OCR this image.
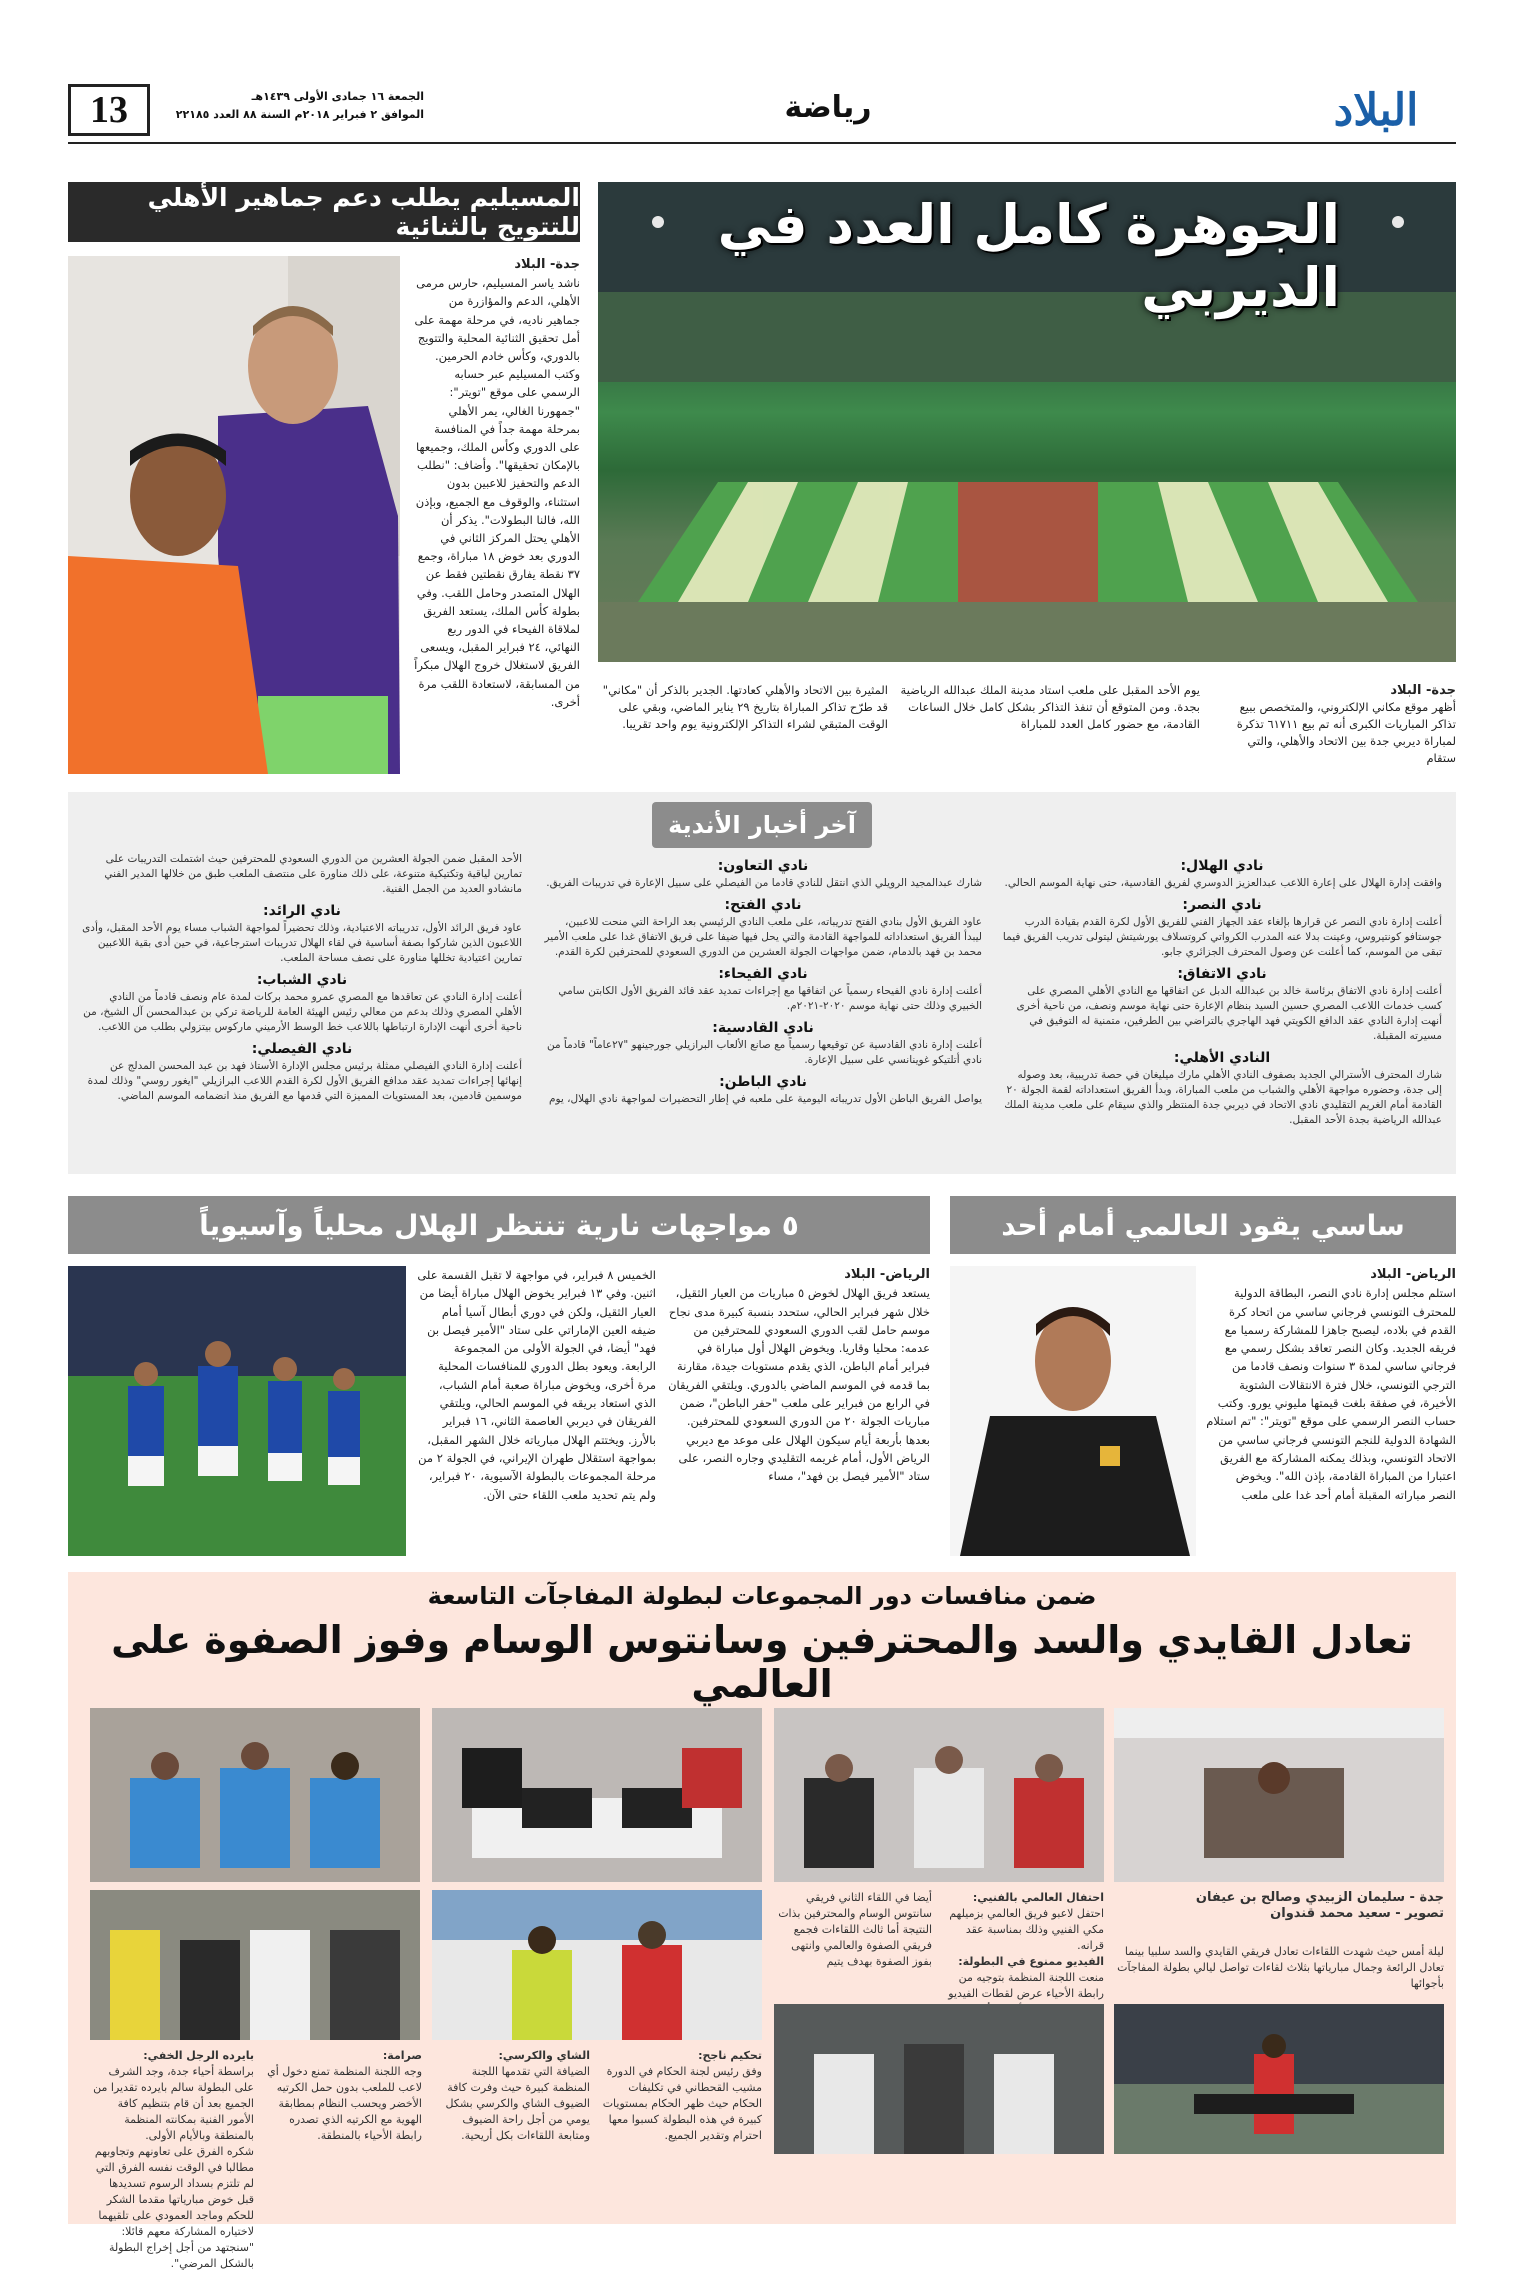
13	الجمعة ١٦ جمادى الأولى ١٤٣٩هـ
الموافق ٢ فبراير ٢٠١٨م السنة ٨٨ العدد ٢٢١٨٥	رياضة	البلاد
الجوهرة كامل العدد في الديربي
جدة- البلاد
أظهر موقع مكاني الإلكتروني، والمتخصص ببيع تذاكر المباريات الكبرى أنه تم بيع ٦١٧١١ تذكرة لمباراة ديربي جدة بين الاتحاد والأهلي، والتي ستقام
يوم الأحد المقبل على ملعب استاد مدينة الملك عبدالله الرياضية بجدة. ومن المتوقع أن تنفذ التذاكر بشكل كامل خلال الساعات القادمة، مع حضور كامل العدد للمباراة
المثيرة بين الاتحاد والأهلي كعادتها. الجدير بالذكر أن "مكاني" قد طرّح تذاكر المباراة بتاريخ ٢٩ يناير الماضي، وبقي على الوقت المتبقي لشراء التذاكر الإلكترونية يوم واحد تقريبا.
المسيليم يطلب دعم جماهير الأهلي للتتويج بالثنائية
جدة- البلاد
ناشد ياسر المسيليم، حارس مرمى الأهلي، الدعم والمؤازرة من جماهير ناديه، في مرحلة مهمة على أمل تحقيق الثنائية المحلية والتتويج بالدوري، وكأس خادم الحرمين. وكتب المسيليم عبر حسابه الرسمي على موقع "تويتر": "جمهورنا الغالي، يمر الأهلي بمرحلة مهمة جداً في المنافسة على الدوري وكأس الملك، وجميعها بالإمكان تحقيقها". وأضاف: "نطلب الدعم والتحفيز للاعبين بدون استثناء، والوقوف مع الجميع، وبإذن الله، فالنا البطولات". يذكر أن الأهلي يحتل المركز الثاني في الدوري بعد خوض ١٨ مباراة، وجمع ٣٧ نقطة يفارق نقطتين فقط عن الهلال المتصدر وحامل اللقب. وفي بطولة كأس الملك، يستعد الفريق لملاقاة الفيحاء في الدور ربع النهائي، ٢٤ فبراير المقبل، ويسعى الفريق لاستغلال خروج الهلال مبكراً من المسابقة، لاستعادة اللقب مرة أخرى.
آخر أخبار الأندية
نادي الهلال:

وافقت إدارة الهلال على إعارة اللاعب عبدالعزيز الدوسري لفريق القادسية، حتى نهاية الموسم الحالي.

نادي النصر:

أعلنت إدارة نادي النصر عن قرارها بإلغاء عقد الجهاز الفني للفريق الأول لكرة القدم بقيادة الدرب جوستافو كونتيروس، وعينت بدلا عنه المدرب الكرواتي كروتسلاف يورشيتش ليتولى تدريب الفريق فيما تبقى من الموسم، كما أعلنت عن وصول المحترف الجزائري جابو.

نادي الاتفاق:

أعلنت إدارة نادي الاتفاق برئاسة خالد بن عبدالله الدبل عن اتفاقها مع النادي الأهلي المصري على كسب خدمات اللاعب المصري حسين السيد بنظام الإعارة حتى نهاية موسم ونصف، من ناحية أخرى أنهت إدارة النادي عقد الدافع الكويتي فهد الهاجري بالتراضي بين الطرفين، متمنية له التوفيق في مسيرته المقبلة.

النادي الأهلي:

شارك المحترف الأسترالي الجديد بصفوف النادي الأهلي مارك ميليغان في حصة تدريبية، بعد وصوله إلى جدة، وحضوره مواجهة الأهلي والشباب من ملعب المباراة، وبدأ الفريق استعداداته لقمة الجولة ٢٠ القادمة أمام الغريم التقليدي نادي الاتحاد في ديربي جدة المنتظر والذي سيقام على ملعب مدينة الملك عبدالله الرياضية بجدة الأحد المقبل.

نادي التعاون:

شارك عبدالمجيد الرويلي الذي انتقل للنادي قادما من الفيصلي على سبيل الإعارة في تدريبات الفريق.

نادي الفتح:

عاود الفريق الأول بنادي الفتح تدريباته، على ملعب النادي الرئيسي بعد الراحة التي منحت للاعبين، ليبدأ الفريق استعداداته للمواجهة القادمة والتي يحل فيها ضيفا على فريق الاتفاق غدا على ملعب الأمير محمد بن فهد بالدمام، ضمن مواجهات الجولة العشرين من الدوري السعودي للمحترفين لكرة القدم.

نادي الفيحاء:

أعلنت إدارة نادي الفيحاء رسمياً عن اتفاقها مع إجراءات تمديد عقد قائد الفريق الأول الكابتن سامي الخبيري وذلك حتى نهاية موسم ٢٠٢٠-٢٠٢١م.

نادي القادسية:

أعلنت إدارة نادي القادسية عن توقيعها رسمياً مع صانع الألعاب البرازيلي جورجينهو "٢٧عاماً" قادماً من نادي أتلتيكو غوينانسي على سبيل الإعارة.

نادي الباطن:

يواصل الفريق الباطن الأول تدريباته اليومية على ملعبه في إطار التحضيرات لمواجهة نادي الهلال، يوم

الأحد المقبل ضمن الجولة العشرين من الدوري السعودي للمحترفين حيث اشتملت التدريبات على تمارين لياقية وتكتيكية متنوعة، على ذلك مناورة على منتصف الملعب طبق من خلالها المدير الفني مانشادو العديد من الجمل الفنية.

نادي الرائد:

عاود فريق الرائد الأول، تدريباته الاعتيادية، وذلك تحضيراً لمواجهة الشباب مساء يوم الأحد المقبل، وأدى اللاعبون الذين شاركوا بصفة أساسية في لقاء الهلال تدريبات استرجاعية، في حين أدى بقية اللاعبين تمارين اعتيادية تخللها مناورة على نصف مساحة الملعب.

نادي الشباب:

أعلنت إدارة النادي عن تعاقدها مع المصري عمرو محمد بركات لمدة عام ونصف قادماً من النادي الأهلي المصري وذلك بدعم من معالي رئيس الهيئة العامة للرياضة تركي بن عبدالمحسن آل الشيخ، من ناحية أخرى أنهت الإدارة ارتباطها باللاعب خط الوسط الأرميني ماركوس بيتزولي بطلب من اللاعب.

نادي الفيصلي:

أعلنت إدارة النادي الفيصلي ممثلة برئيس مجلس الإدارة الأستاذ فهد بن عبد المحسن المدلج عن إنهائها إجراءات تمديد عقد مدافع الفريق الأول لكرة القدم اللاعب البرازيلي "ايغور روسي" وذلك لمدة موسمين قادمين، بعد المستويات المميزة التي قدمها مع الفريق منذ انضمامه الموسم الماضي.

ساسي يقود العالمي أمام أحد
الرياض- البلاد
استلم مجلس إدارة نادي النصر، البطاقة الدولية للمحترف التونسي فرجاني ساسي من اتحاد كرة القدم في بلاده، ليصبح جاهزا للمشاركة رسميا مع فريقه الجديد. وكان النصر تعاقد بشكل رسمي مع فرجاني ساسي لمدة ٣ سنوات ونصف قادما من الترجي التونسي، خلال فترة الانتقالات الشتوية الأخيرة، في صفقة بلغت قيمتها مليوني يورو. وكتب حساب النصر الرسمي على موقع "تويتر": "تم استلام الشهادة الدولية للنجم التونسي فرجاني ساسي من الاتحاد التونسي، وبذلك يمكنه المشاركة مع الفريق اعتبارا من المباراة القادمة، بإذن الله". ويخوض النصر مباراته المقبلة أمام أحد غدا على ملعب
٥ مواجهات نارية تنتظر الهلال محلياً وآسيوياً
الرياض- البلاد
يستعد فريق الهلال لخوض ٥ مباريات من العيار الثقيل، خلال شهر فبراير الحالي، ستحدد بنسبة كبيرة مدى نجاح موسم حامل لقب الدوري السعودي للمحترفين من عدمه: محليا وقاريا. ويخوض الهلال أول مباراة في فبراير أمام الباطن، الذي يقدم مستويات جيدة، مقارنة بما قدمه في الموسم الماضي بالدوري. ويلتقي الفريقان في الرابع من فبراير على ملعب "حفر الباطن"، ضمن مباريات الجولة ٢٠ من الدوري السعودي للمحترفين. بعدها بأربعة أيام سيكون الهلال على موعد مع ديربي الرياض الأول، أمام غريمه التقليدي وجاره النصر، على ستاد "الأمير فيصل بن فهد"، مساء
الخميس ٨ فبراير، في مواجهة لا تقبل القسمة على اثنين. وفي ١٣ فبراير يخوض الهلال مباراة أيضا من العيار الثقيل، ولكن في دوري أبطال آسيا أمام ضيفه العين الإماراتي على ستاد "الأمير فيصل بن فهد" أيضا، في الجولة الأولى من المجموعة الرابعة. ويعود بطل الدوري للمنافسات المحلية مرة أخرى، ويخوض مباراة صعبة أمام الشباب، الذي استعاد بريقه في الموسم الحالي، ويلتقي الفريقان في ديربي العاصمة الثاني، ١٦ فبراير بالأرز. ويختتم الهلال مبارياته خلال الشهر المقبل، بمواجهة استقلال طهران الإيراني، في الجولة ٢ من مرحلة المجموعات بالبطولة الآسيوية، ٢٠ فبراير، ولم يتم تحديد ملعب اللقاء حتى الآن.
ضمن منافسات دور المجموعات لبطولة المفاجآت التاسعة
تعادل القايدي والسد والمحترفين وسانتوس الوسام وفوز الصفوة على العالمي
جدة - سليمان الزبيدي وصالح بن عيفان
تصوير - سعيد محمد قندوان
ليلة أمس حيث شهدت اللقاءات تعادل فريقي القايدي والسد سلبيا بينما تعادل الرائعة وجمال مبارياتها بثلاث لقاءات تواصل ليالي بطولة المفاجآت بأجوائها
أيضا في اللقاء الثاني فريقي سانتوس الوسام والمحترفين بذات النتيجة أما ثالث اللقاءات فجمع فريقي الصفوة والعالمي وانتهى بفوز الصفوة بهدف يتيم
احتفال العالمي بالفنيي:
احتفل لاعبو فريق العالمي بزميلهم مكي الفنيي وذلك بمناسبة عقد قرانه.
الفيديو ممنوع في البطولة:
منعت اللجنة المنظمة بتوجيه من رابطة الأحياء عرض لقطات الفيديو
تحكيم ناجح:
وفق رئيس لجنة الحكام في الدورة مشيب القحطاني في تكليفات الحكام حيث ظهر الحكام بمستويات كبيرة في هذه البطولة كسبوا معها احترام وتقدير الجميع.
الشاي والكرسي:
الضيافة التي تقدمها اللجنة المنظمة كبيرة حيث وفرت كافة الضيوف الشاي والكرسي بشكل يومي من أجل راحة الضيوف ومتابعة اللقاءات بكل أريحية.
صرامة:
وجه اللجنة المنظمة تمنع دخول أي لاعب للملعب بدون حمل الكرتيه الأخضر ويحسب النظام بمطابقة الهوية مع الكرتيه الذي تصدره رابطة الأحياء بالمنطقة.
بايرده الرجل الخفي:
براسطة أحياء جدة، وجد الشرف على البطولة سالم بايرده تقديرا من الجميع بعد أن قام بتنظيم كافة الأمور الفنية بمكانته المنظمة بالمنطقة وبالأيام الأولى.
شكره الفرق على تعاونهم وتجاوبهم مطالبا في الوقت نفسه الفرق التي لم تلتزم بسداد الرسوم تسديدها قبل خوض مبارياتها مقدما الشكر للحكم وماجد العمودي على تلقيهما لاختياره المشاركة معهم قائلا: "سنجتهد من أجل إخراج البطولة بالشكل المرضي".
